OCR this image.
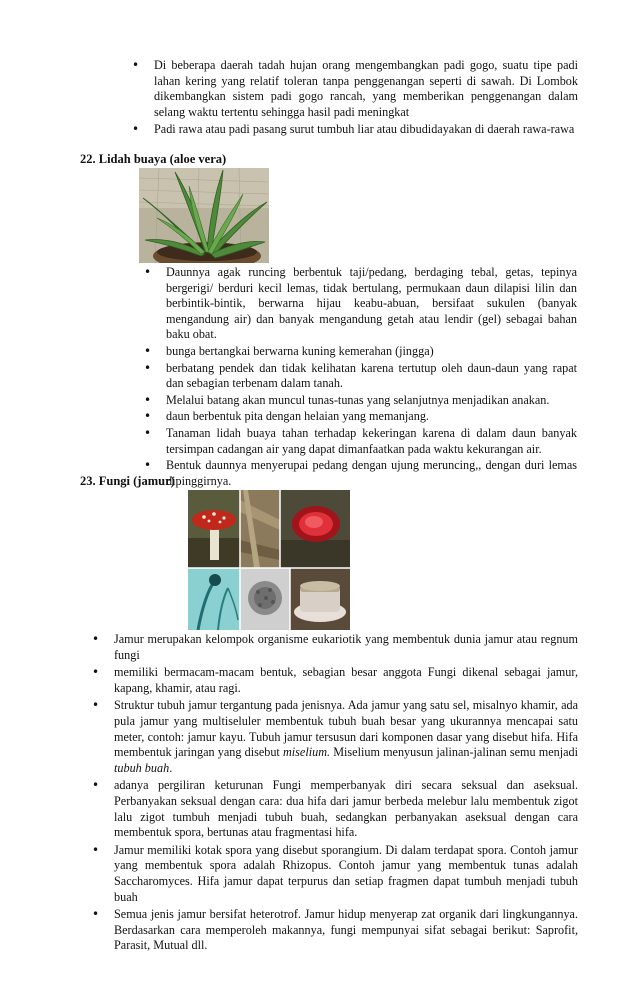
• Di beberapa daerah tadah hujan orang mengembangkan padi gogo, suatu tipe padi lahan kering yang relatif toleran tanpa penggenangan seperti di sawah. Di Lombok dikembangkan sistem padi gogo rancah, yang memberikan penggenangan dalam selang waktu tertentu sehingga hasil padi meningkat
• Padi rawa atau padi pasang surut tumbuh liar atau dibudidayakan di daerah rawa-rawa
22. Lidah buaya (aloe vera)
• Daunnya agak runcing berbentuk taji/pedang, berdaging tebal, getas, tepinya bergerigi/ berduri kecil lemas, tidak bertulang, permukaan daun dilapisi lilin dan berbintik-bintik, berwarna hijau keabu-abuan, bersifaat sukulen (banyak mengandung air) dan banyak mengandung getah atau lendir (gel) sebagai bahan baku obat.
• bunga bertangkai berwarna kuning kemerahan (jingga)
• berbatang pendek dan tidak kelihatan karena tertutup oleh daun-daun yang rapat dan sebagian terbenam dalam tanah.
• Melalui batang akan muncul tunas-tunas yang selanjutnya menjadikan anakan.
• daun berbentuk pita dengan helaian yang memanjang.
• Tanaman lidah buaya tahan terhadap kekeringan karena di dalam daun banyak tersimpan cadangan air yang dapat dimanfaatkan pada waktu kekurangan air.
• Bentuk daunnya menyerupai pedang dengan ujung meruncing,, dengan duri lemas dipinggirnya.
23. Fungi (jamur)
• Jamur merupakan kelompok organisme eukariotik yang membentuk dunia jamur atau regnum fungi
• memiliki bermacam-macam bentuk, sebagian besar anggota Fungi dikenal sebagai jamur, kapang, khamir, atau ragi.
• Struktur tubuh jamur tergantung pada jenisnya. Ada jamur yang satu sel, misalnyo khamir, ada pula jamur yang multiseluler membentuk tubuh buah besar yang ukurannya mencapai satu meter, contoh: jamur kayu. Tubuh jamur tersusun dari komponen dasar yang disebut hifa. Hifa membentuk jaringan yang disebut miselium. Miselium menyusun jalinan-jalinan semu menjadi tubuh buah.
• adanya pergiliran keturunan Fungi memperbanyak diri secara seksual dan aseksual. Perbanyakan seksual dengan cara: dua hifa dari jamur berbeda melebur lalu membentuk zigot lalu zigot tumbuh menjadi tubuh buah, sedangkan perbanyakan aseksual dengan cara membentuk spora, bertunas atau fragmentasi hifa.
• Jamur memiliki kotak spora yang disebut sporangium. Di dalam terdapat spora. Contoh jamur yang membentuk spora adalah Rhizopus. Contoh jamur yang membentuk tunas adalah Saccharomyces. Hifa jamur dapat terpurus dan setiap fragmen dapat tumbuh menjadi tubuh buah
• Semua jenis jamur bersifat heterotrof. Jamur hidup menyerap zat organik dari lingkungannya. Berdasarkan cara memperoleh makannya, fungi mempunyai sifat sebagai berikut: Saprofit, Parasit, Mutual dll.
